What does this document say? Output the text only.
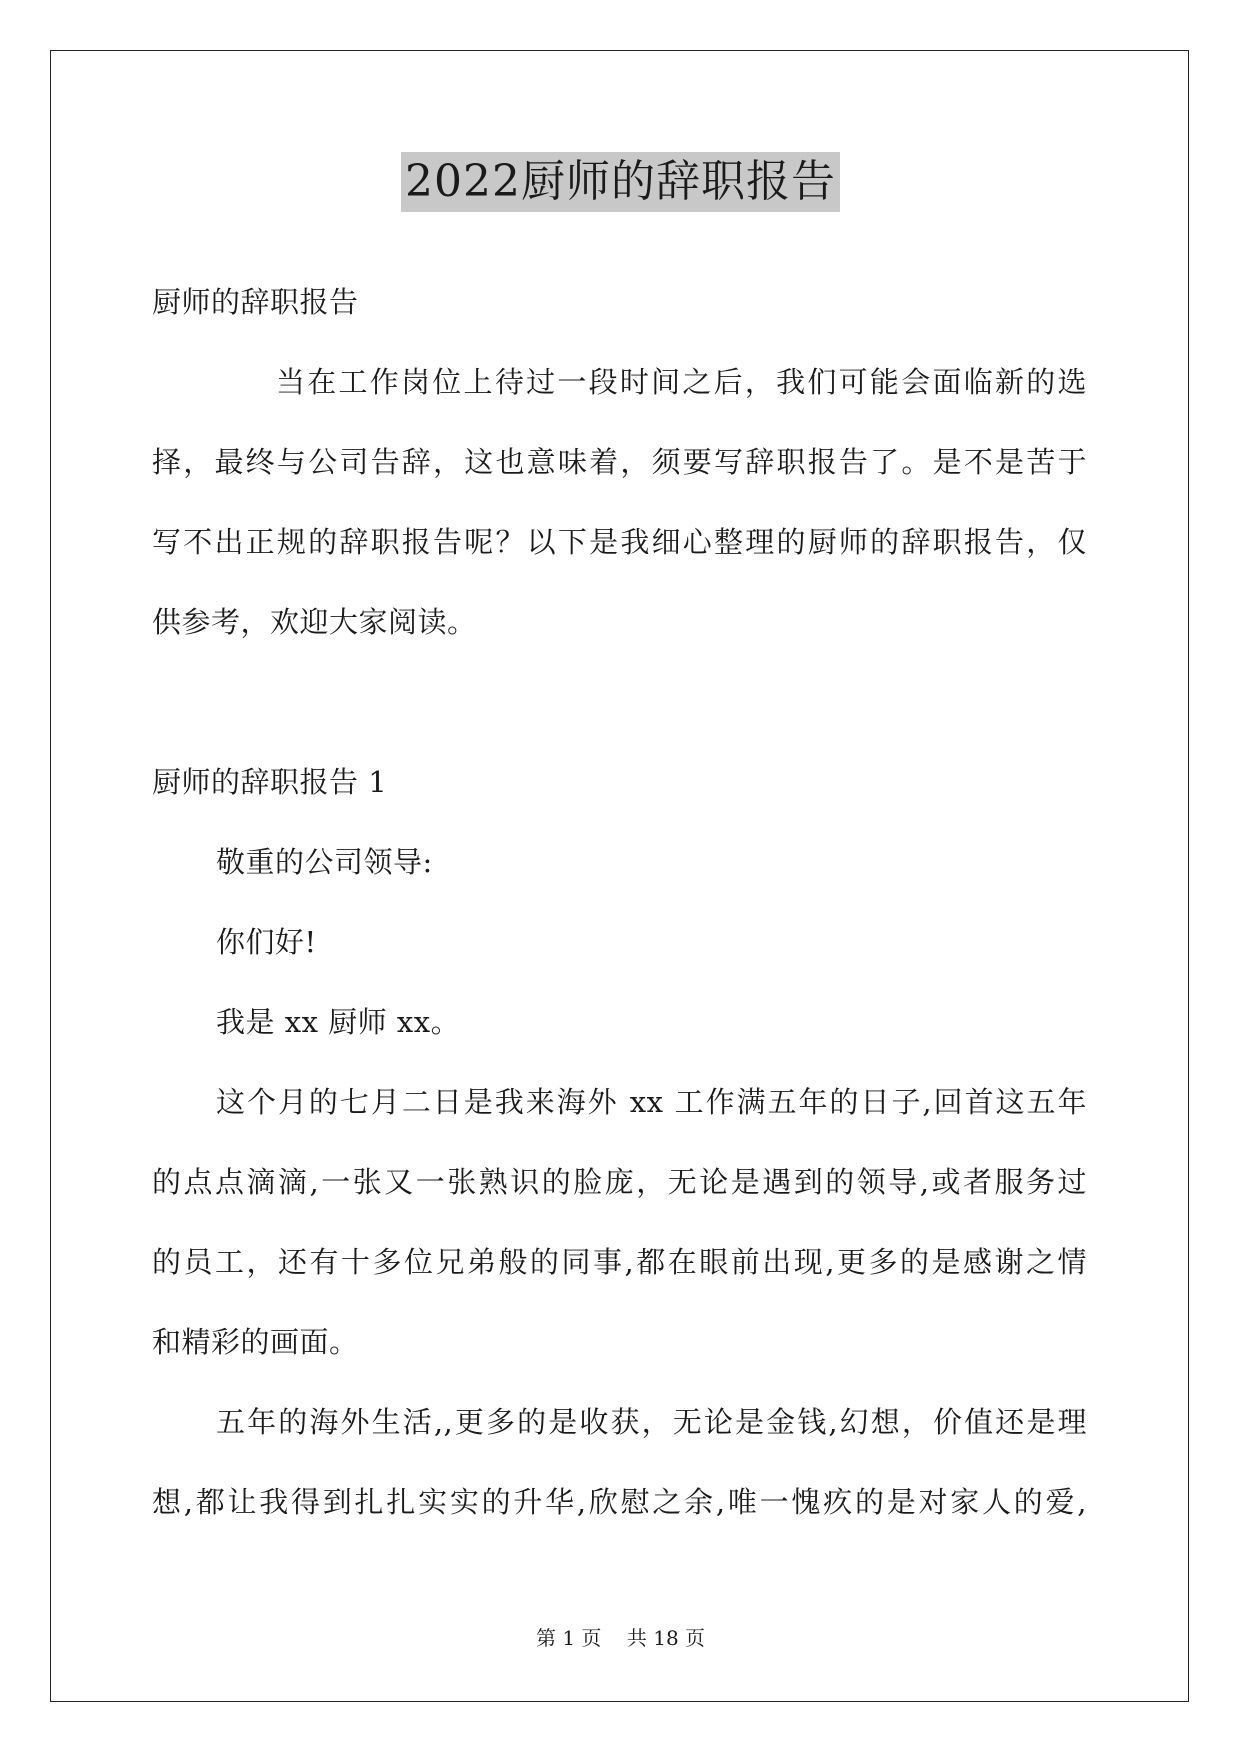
2022厨师的辞职报告
厨师的辞职报告
当在工作岗位上待过一段时间之后，我们可能会面临新的选
择，最终与公司告辞，这也意味着，须要写辞职报告了。是不是苦于
写不出正规的辞职报告呢？以下是我细心整理的厨师的辞职报告，仅
供参考，欢迎大家阅读。
厨师的辞职报告 1
敬重的公司领导:
你们好!
我是 xx 厨师 xx。
这个月的七月二日是我来海外 xx 工作满五年的日子,回首这五年
的点点滴滴,一张又一张熟识的脸庞，无论是遇到的领导,或者服务过
的员工，还有十多位兄弟般的同事,都在眼前出现,更多的是感谢之情
和精彩的画面。
五年的海外生活,,更多的是收获，无论是金钱,幻想，价值还是理
想,都让我得到扎扎实实的升华,欣慰之余,唯一愧疚的是对家人的爱,
第 1 页 共 18 页
